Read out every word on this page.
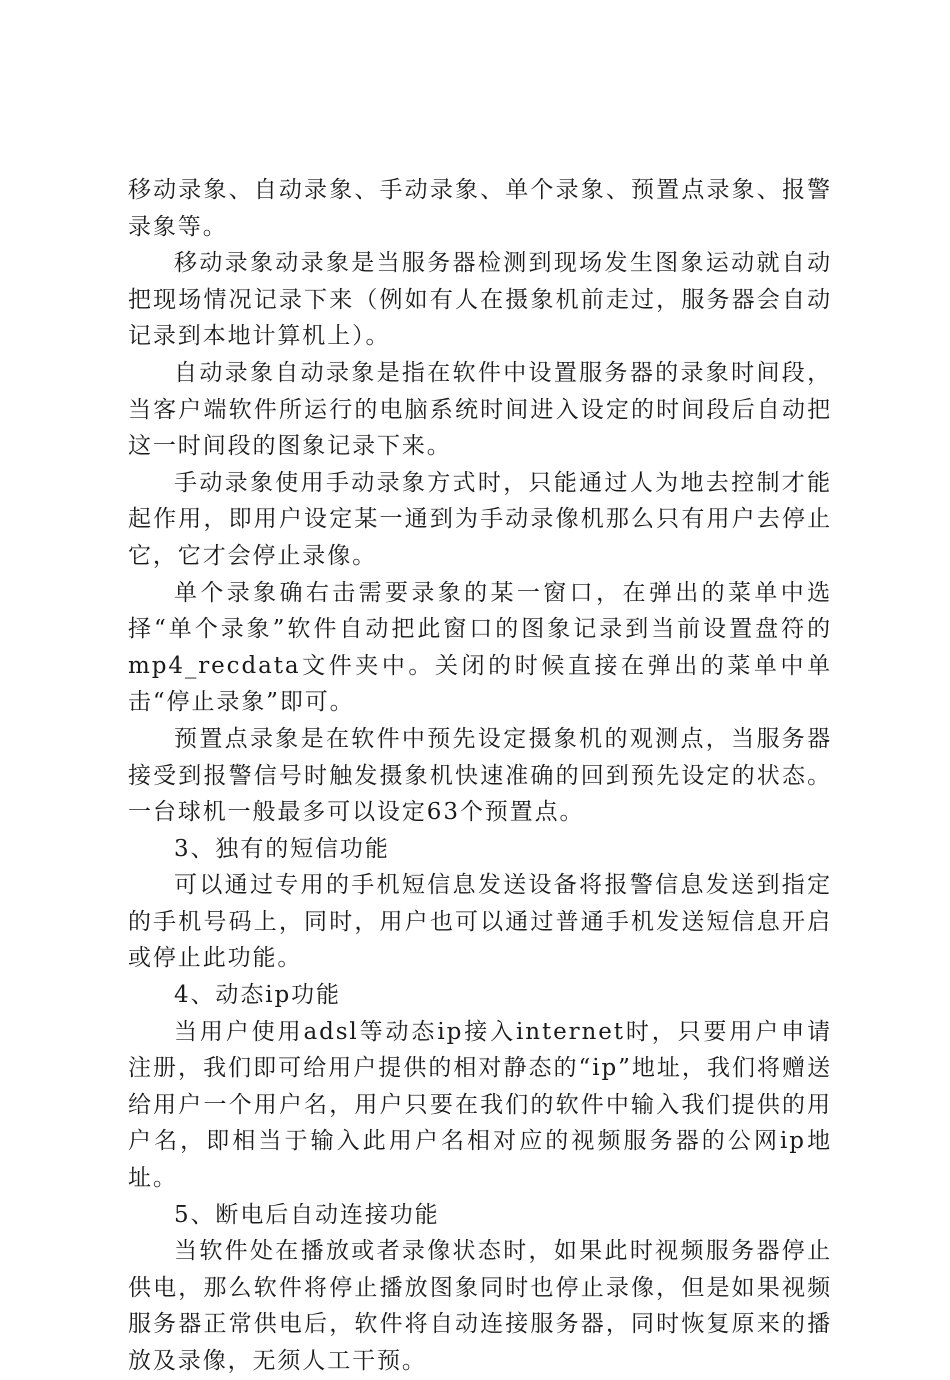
移动录象、自动录象、手动录象、单个录象、预置点录象、报警录象等。

移动录象动录象是当服务器检测到现场发生图象运动就自动把现场情况记录下来（例如有人在摄象机前走过，服务器会自动记录到本地计算机上）。

自动录象自动录象是指在软件中设置服务器的录象时间段，当客户端软件所运行的电脑系统时间进入设定的时间段后自动把这一时间段的图象记录下来。

手动录象使用手动录象方式时，只能通过人为地去控制才能起作用，即用户设定某一通到为手动录像机那么只有用户去停止它，它才会停止录像。

单个录象确右击需要录象的某一窗口，在弹出的菜单中选择“单个录象”软件自动把此窗口的图象记录到当前设置盘符的mp4_recdata文件夹中。关闭的时候直接在弹出的菜单中单击“停止录象”即可。

预置点录象是在软件中预先设定摄象机的观测点，当服务器接受到报警信号时触发摄象机快速准确的回到预先设定的状态。一台球机一般最多可以设定63个预置点。

3、独有的短信功能

可以通过专用的手机短信息发送设备将报警信息发送到指定的手机号码上，同时，用户也可以通过普通手机发送短信息开启或停止此功能。

4、动态ip功能

当用户使用adsl等动态ip接入internet时，只要用户申请注册，我们即可给用户提供的相对静态的“ip”地址，我们将赠送给用户一个用户名，用户只要在我们的软件中输入我们提供的用户名，即相当于输入此用户名相对应的视频服务器的公网ip地址。

5、断电后自动连接功能

当软件处在播放或者录像状态时，如果此时视频服务器停止供电，那么软件将停止播放图象同时也停止录像，但是如果视频服务器正常供电后，软件将自动连接服务器，同时恢复原来的播放及录像，无须人工干预。
